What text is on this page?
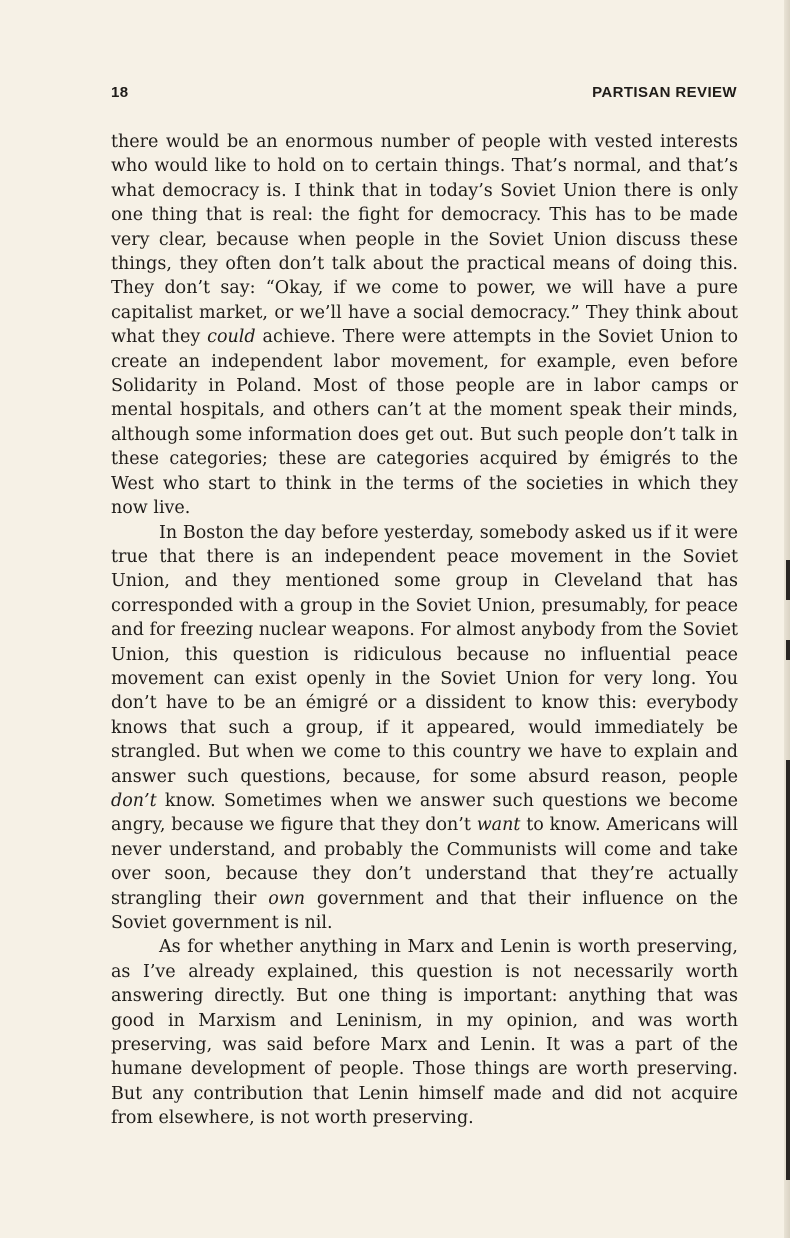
18	PARTISAN REVIEW

there would be an enormous number of people with vested interests who would like to hold on to certain things. That’s normal, and that’s what democracy is. I think that in today’s Soviet Union there is only one thing that is real: the fight for democracy. This has to be made very clear, because when people in the Soviet Union discuss these things, they often don’t talk about the practical means of doing this. They don’t say: “Okay, if we come to power, we will have a pure capitalist market, or we’ll have a social democracy.” They think about what they could achieve. There were attempts in the Soviet Union to create an independent labor movement, for example, even before Solidarity in Poland. Most of those people are in labor camps or mental hospitals, and others can’t at the moment speak their minds, although some information does get out. But such people don’t talk in these categories; these are categories acquired by émigrés to the West who start to think in the terms of the societies in which they now live.

In Boston the day before yesterday, somebody asked us if it were true that there is an independent peace movement in the Soviet Union, and they mentioned some group in Cleveland that has corresponded with a group in the Soviet Union, presumably, for peace and for freezing nuclear weapons. For almost anybody from the Soviet Union, this question is ridiculous because no influential peace movement can exist openly in the Soviet Union for very long. You don’t have to be an émigré or a dissident to know this: everybody knows that such a group, if it appeared, would immediately be strangled. But when we come to this country we have to explain and answer such questions, because, for some absurd reason, people don’t know. Sometimes when we answer such questions we become angry, because we figure that they don’t want to know. Americans will never understand, and probably the Communists will come and take over soon, because they don’t understand that they’re actually strangling their own government and that their influence on the Soviet government is nil.

As for whether anything in Marx and Lenin is worth preserving, as I’ve already explained, this question is not necessarily worth answering directly. But one thing is important: anything that was good in Marxism and Leninism, in my opinion, and was worth preserving, was said before Marx and Lenin. It was a part of the humane development of people. Those things are worth preserving. But any contribution that Lenin himself made and did not acquire from elsewhere, is not worth preserving.
